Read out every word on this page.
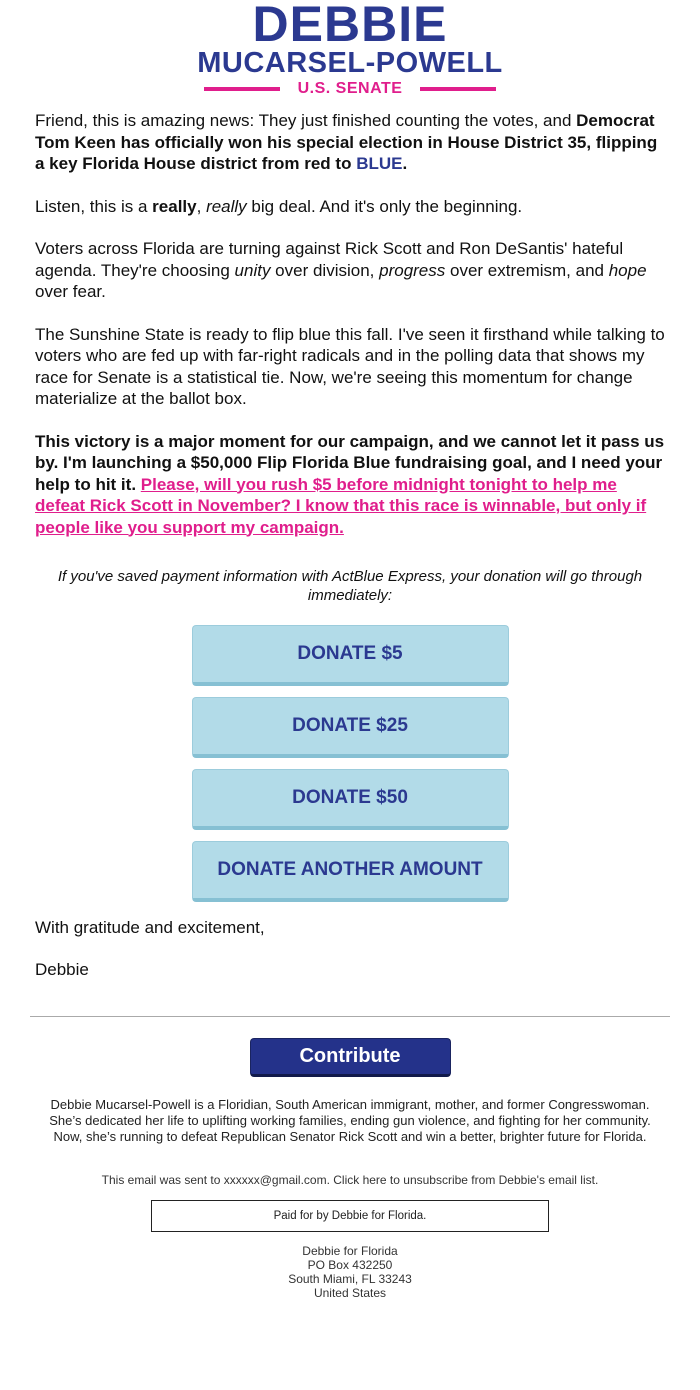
DEBBIE
MUCARSEL-POWELL
U.S. SENATE

Friend, this is amazing news: They just finished counting the votes, and Democrat Tom Keen has officially won his special election in House District 35, flipping a key Florida House district from red to BLUE.

Listen, this is a really, really big deal. And it's only the beginning.

Voters across Florida are turning against Rick Scott and Ron DeSantis' hateful agenda. They're choosing unity over division, progress over extremism, and hope over fear.

The Sunshine State is ready to flip blue this fall. I've seen it firsthand while talking to voters who are fed up with far-right radicals and in the polling data that shows my race for Senate is a statistical tie. Now, we're seeing this momentum for change materialize at the ballot box.

This victory is a major moment for our campaign, and we cannot let it pass us by. I'm launching a $50,000 Flip Florida Blue fundraising goal, and I need your help to hit it. Please, will you rush $5 before midnight tonight to help me defeat Rick Scott in November? I know that this race is winnable, but only if people like you support my campaign.

If you've saved payment information with ActBlue Express, your donation will go through immediately:
DONATE $5
DONATE $25
DONATE $50
DONATE ANOTHER AMOUNT

With gratitude and excitement,

Debbie

Contribute
Debbie Mucarsel-Powell is a Floridian, South American immigrant, mother, and former Congresswoman. She’s dedicated her life to uplifting working families, ending gun violence, and fighting for her community. Now, she’s running to defeat Republican Senator Rick Scott and win a better, brighter future for Florida.
This email was sent to xxxxxx@gmail.com. Click here to unsubscribe from Debbie's email list.
Paid for by Debbie for Florida.
Debbie for Florida
PO Box 432250
South Miami, FL 33243
United States
